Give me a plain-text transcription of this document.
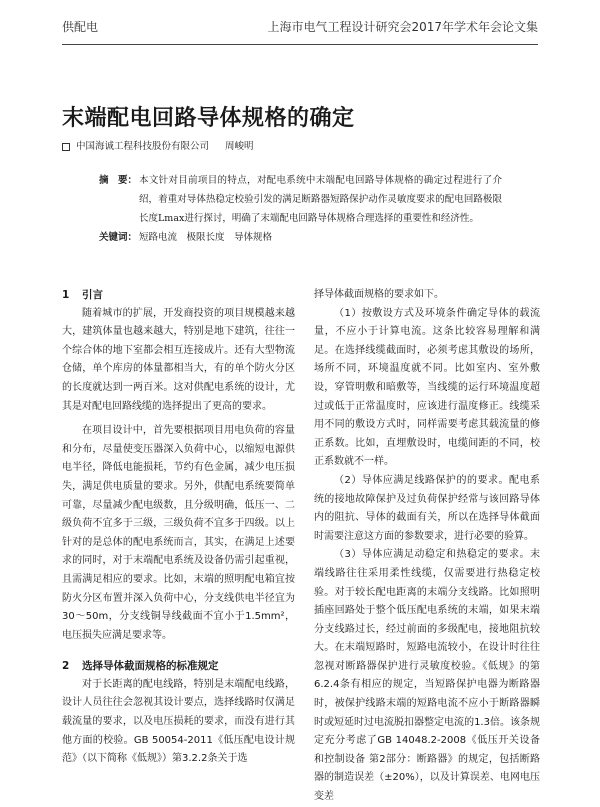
供配电	上海市电气工程设计研究会2017年学术年会论文集
末端配电回路导体规格的确定
中国海诚工程科技股份有限公司 周峻明
摘　要： 本文针对目前项目的特点，对配电系统中末端配电回路导体规格的确定过程进行了介绍，着重对导体热稳定校验引发的满足断路器短路保护动作灵敏度要求的配电回路极限长度Lmax进行探讨，明确了末端配电回路导体规格合理选择的重要性和经济性。
关键词： 短路电流　极限长度　导体规格
1 引言

随着城市的扩展，开发商投资的项目规模越来越大，建筑体量也越来越大，特别是地下建筑，往往一个综合体的地下室都会相互连接成片。还有大型物流仓储，单个库房的体量都相当大，有的单个防火分区的长度就达到一两百米。这对供配电系统的设计，尤其是对配电回路线缆的选择提出了更高的要求。

在项目设计中，首先要根据项目用电负荷的容量和分布，尽量使变压器深入负荷中心，以缩短电源供电半径，降低电能损耗，节约有色金属，减少电压损失，满足供电质量的要求。另外，供配电系统要简单可靠，尽量减少配电级数，且分级明确，低压一、二级负荷不宜多于三级，三级负荷不宜多于四级。以上针对的是总体的配电系统而言，其实，在满足上述要求的同时，对于末端配电系统及设备仍需引起重视，且需满足相应的要求。比如，末端的照明配电箱宜按防火分区布置并深入负荷中心，分支线供电半径宜为30～50m，分支线铜导线截面不宜小于1.5mm²，电压损失应满足要求等。

2 选择导体截面规格的标准规定

对于长距离的配电线路，特别是末端配电线路，设计人员往往会忽视其设计要点，选择线路时仅满足载流量的要求，以及电压损耗的要求，而没有进行其他方面的校验。GB 50054-2011《低压配电设计规范》（以下简称《低规》）第3.2.2条关于选

择导体截面规格的要求如下。

（1）按敷设方式及环境条件确定导体的载流量，不应小于计算电流。这条比较容易理解和满足。在选择线缆截面时，必须考虑其敷设的场所，场所不同，环境温度就不同。比如室内、室外敷设，穿管明敷和暗敷等，当线缆的运行环境温度超过或低于正常温度时，应该进行温度修正。线缆采用不同的敷设方式时，同样需要考虑其载流量的修正系数。比如，直埋敷设时，电缆间距的不同，校正系数就不一样。

（2）导体应满足线路保护的的要求。配电系统的接地故障保护及过负荷保护经常与该回路导体内的阻抗、导体的截面有关，所以在选择导体截面时需要注意这方面的参数要求，进行必要的验算。

（3）导体应满足动稳定和热稳定的要求。末端线路往往采用柔性线缆，仅需要进行热稳定校验。对于较长配电距离的末端分支线路。比如照明插座回路处于整个低压配电系统的末端，如果末端分支线路过长，经过前面的多级配电，接地阻抗较大。在末端短路时，短路电流较小，在设计时往往忽视对断路器保护进行灵敏度校验。《低规》的第6.2.4条有相应的规定，当短路保护电器为断路器时，被保护线路末端的短路电流不应小于断路器瞬时或短延时过电流脱扣器整定电流的1.3倍。该条规定充分考虑了GB 14048.2-2008《低压开关设备和控制设备 第2部分：断路器》的规定，包括断路器的制造误差（±20%），以及计算误差、电网电压变差
